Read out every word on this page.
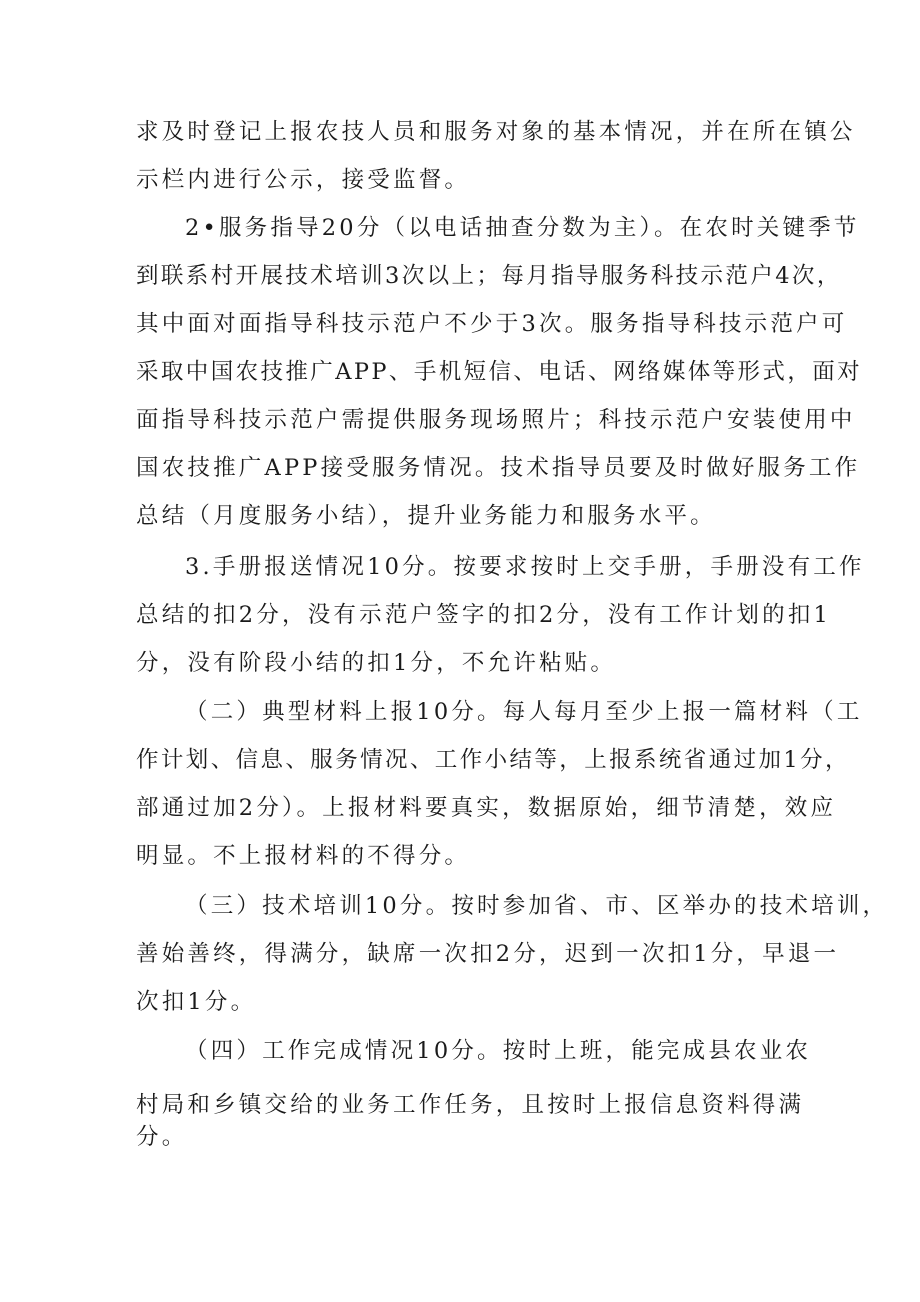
求及时登记上报农技人员和服务对象的基本情况，并在所在镇公
示栏内进行公示，接受监督。
2•服务指导20分（以电话抽查分数为主）。在农时关键季节
到联系村开展技术培训3次以上；每月指导服务科技示范户4次，
其中面对面指导科技示范户不少于3次。服务指导科技示范户可
采取中国农技推广APP、手机短信、电话、网络媒体等形式，面对
面指导科技示范户需提供服务现场照片；科技示范户安装使用中
国农技推广APP接受服务情况。技术指导员要及时做好服务工作
总结（月度服务小结），提升业务能力和服务水平。
3.手册报送情况10分。按要求按时上交手册，手册没有工作
总结的扣2分，没有示范户签字的扣2分，没有工作计划的扣1
分，没有阶段小结的扣1分，不允许粘贴。
（二）典型材料上报10分。每人每月至少上报一篇材料（工
作计划、信息、服务情况、工作小结等，上报系统省通过加1分，
部通过加2分）。上报材料要真实，数据原始，细节清楚，效应
明显。不上报材料的不得分。
（三）技术培训10分。按时参加省、市、区举办的技术培训，
善始善终，得满分，缺席一次扣2分，迟到一次扣1分，早退一
次扣1分。
（四）工作完成情况10分。按时上班，能完成县农业农
村局和乡镇交给的业务工作任务，且按时上报信息资料得满
分。
